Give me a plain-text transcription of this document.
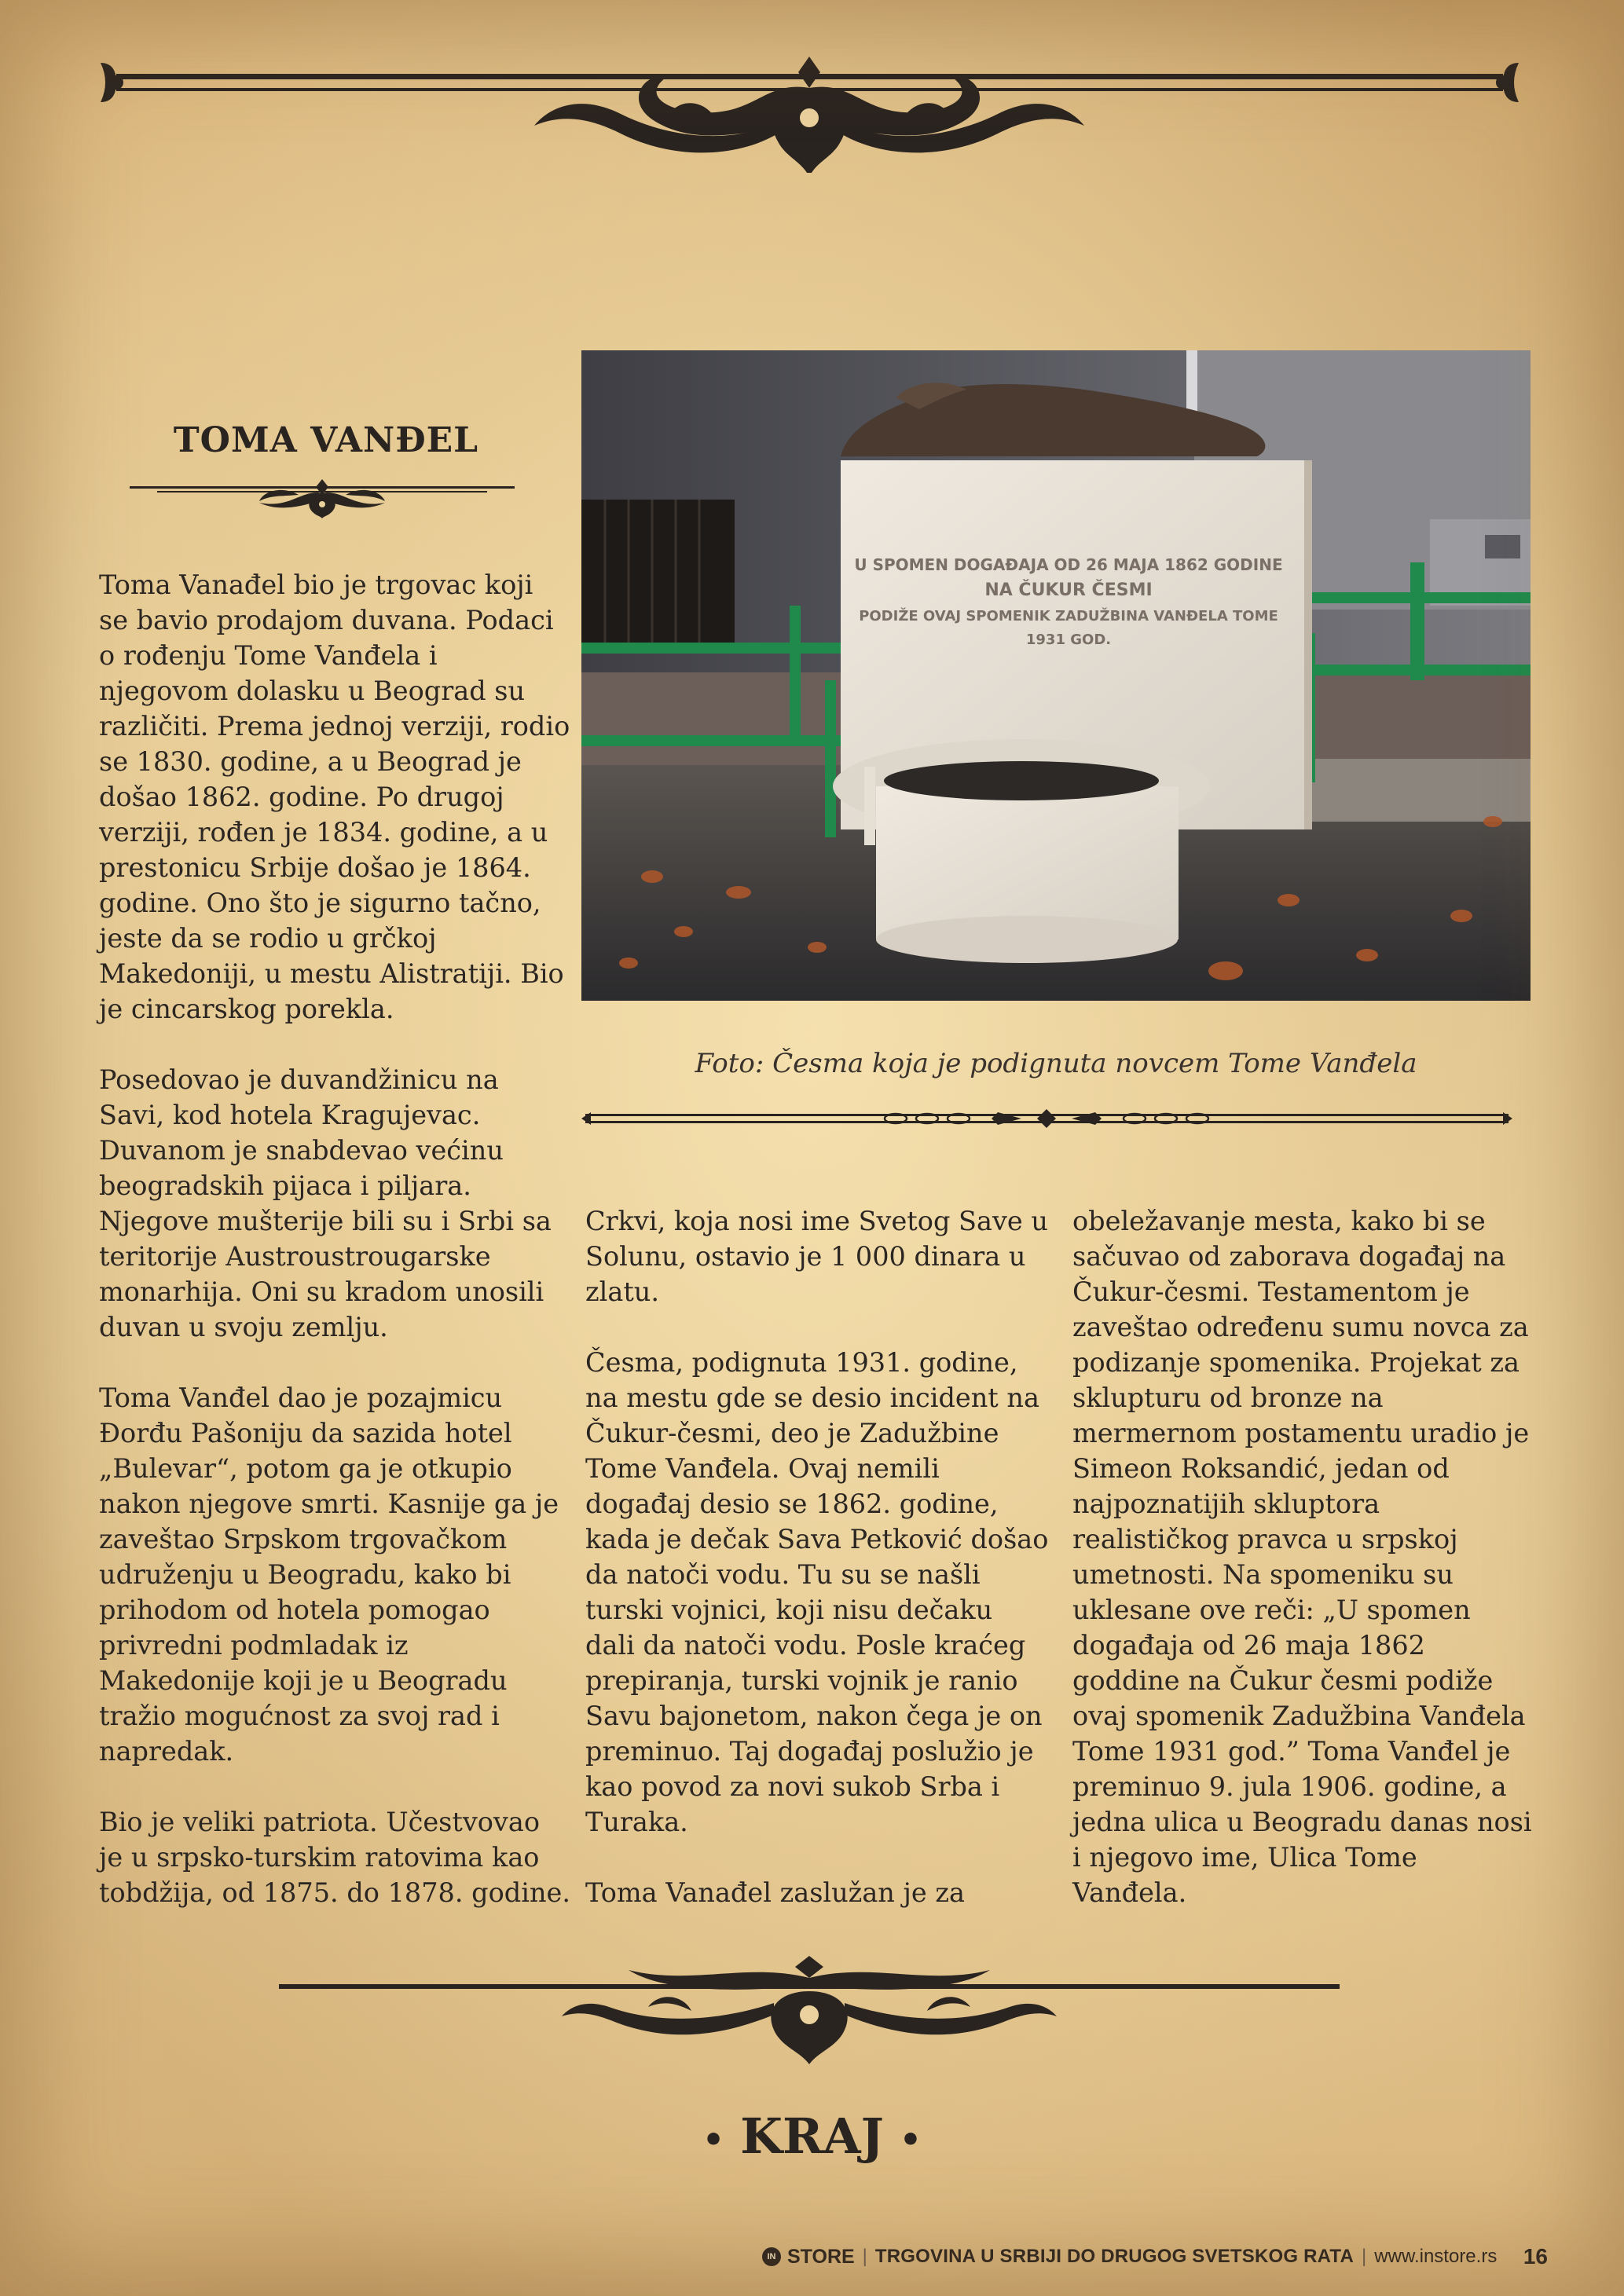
TOMA VANĐEL
U SPOMEN DOGAĐAJA OD 26 MAJA 1862 GODINE
NA ČUKUR ČESMI
PODIŽE OVAJ SPOMENIK ZADUŽBINA VANĐELA TOME
1931 GOD.
Foto: Česma koja je podignuta novcem Tome Vanđela

Toma Vanađel bio je trgovac koji se bavio prodajom duvana. Podaci o rođenju Tome Vanđela i njegovom dolasku u Beograd su različiti. Prema jednoj verziji, rodio se 1830. godine, a u Beograd je došao 1862. godine. Po drugoj verziji, rođen je 1834. godine, a u prestonicu Srbije došao je 1864. godine. Ono što je sigurno tačno, jeste da se rodio u grčkoj Makedoniji, u mestu Alistratiji. Bio je cincarskog porekla.

Posedovao je duvandžinicu na Savi, kod hotela Kragujevac. Duvanom je snabdevao većinu beogradskih pijaca i piljara. Njegove mušterije bili su i Srbi sa teritorije Austroustrougarske monarhija. Oni su kradom unosili duvan u svoju zemlju.

Toma Vanđel dao je pozajmicu Đorđu Pašoniju da sazida hotel „Bulevar“, potom ga je otkupio nakon njegove smrti. Kasnije ga je zaveštao Srpskom trgovačkom udruženju u Beogradu, kako bi prihodom od hotela pomogao privredni podmladak iz Makedonije koji je u Beogradu tražio mogućnost za svoj rad i napredak.

Bio je veliki patriota. Učestvovao je u srpsko-turskim ratovima kao tobdžija, od 1875. do 1878. godine.

Crkvi, koja nosi ime Svetog Save u Solunu, ostavio je 1 000 dinara u zlatu.

Česma, podignuta 1931. godine, na mestu gde se desio incident na Čukur-česmi, deo je Zadužbine Tome Vanđela. Ovaj nemili događaj desio se 1862. godine, kada je dečak Sava Petković došao da natoči vodu. Tu su se našli turski vojnici, koji nisu dečaku dali da natoči vodu. Posle kraćeg prepiranja, turski vojnik je ranio Savu bajonetom, nakon čega je on preminuo. Taj događaj poslužio je kao povod za novi sukob Srba i Turaka.

Toma Vanađel zaslužan je za

obeležavanje mesta, kako bi se sačuvao od zaborava događaj na Čukur-česmi. Testamentom je zaveštao određenu sumu novca za podizanje spomenika. Projekat za sklupturu od bronze na mermernom postamentu uradio je Simeon Roksandić, jedan od najpoznatijih skluptora realističkog pravca u srpskoj umetnosti. Na spomeniku su uklesane ove reči: „U spomen događaja od 26 maja 1862 goddine na Čukur česmi podiže ovaj spomenik Zadužbina Vanđela Tome 1931 god.” Toma Vanđel je preminuo 9. jula 1906. godine, a jedna ulica u Beogradu danas nosi i njegovo ime, Ulica Tome Vanđela.

• KRAJ •
IN STORE | TRGOVINA U SRBIJI DO DRUGOG SVETSKOG RATA | www.instore.rs 16
